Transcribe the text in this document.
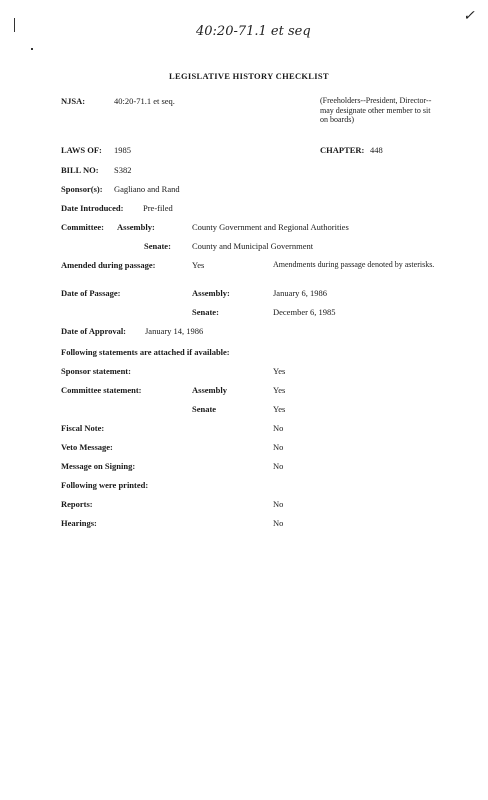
40:20-71.1 et seq
✓
LEGISLATIVE HISTORY CHECKLIST
NJSA:	40:20-71.1 et seq.	(Freeholders--President, Director--may designate other member to sit on boards)
LAWS OF: 1985	CHAPTER: 448
BILL NO: S382
Sponsor(s): Gagliano and Rand
Date Introduced: Pre-filed
Committee: Assembly:	County Government and Regional Authorities
Senate: County and Municipal Government
Amended during passage:	Yes	Amendments during passage denoted by asterisks.
Date of Passage:	Assembly:	January 6, 1986
Senate:	December 6, 1985
Date of Approval: January 14, 1986
Following statements are attached if available:
Sponsor statement:	Yes
Committee statement:	Assembly	Yes
Senate	Yes
Fiscal Note:	No
Veto Message:	No
Message on Signing:	No
Following were printed:
Reports:	No
Hearings:	No
